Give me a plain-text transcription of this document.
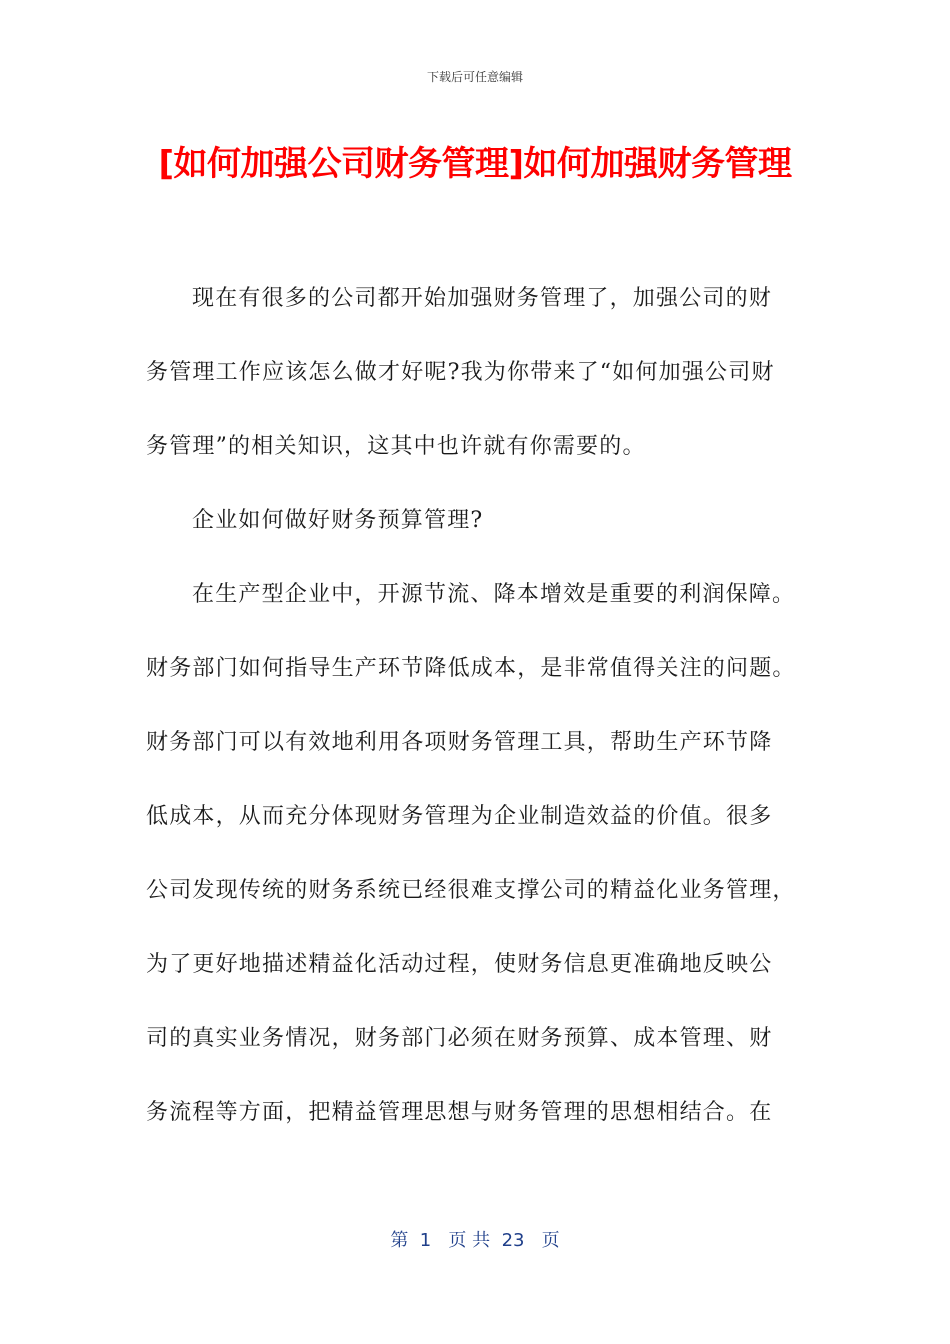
下载后可任意编辑
[如何加强公司财务管理]如何加强财务管理
现在有很多的公司都开始加强财务管理了，加强公司的财
务管理工作应该怎么做才好呢?我为你带来了“如何加强公司财
务管理”的相关知识，这其中也许就有你需要的。
企业如何做好财务预算管理?
在生产型企业中，开源节流、降本增效是重要的利润保障。
财务部门如何指导生产环节降低成本，是非常值得关注的问题。
财务部门可以有效地利用各项财务管理工具，帮助生产环节降
低成本，从而充分体现财务管理为企业制造效益的价值。很多
公司发现传统的财务系统已经很难支撑公司的精益化业务管理，
为了更好地描述精益化活动过程，使财务信息更准确地反映公
司的真实业务情况，财务部门必须在财务预算、成本管理、财
务流程等方面，把精益管理思想与财务管理的思想相结合。在
第  1   页 共  23   页
